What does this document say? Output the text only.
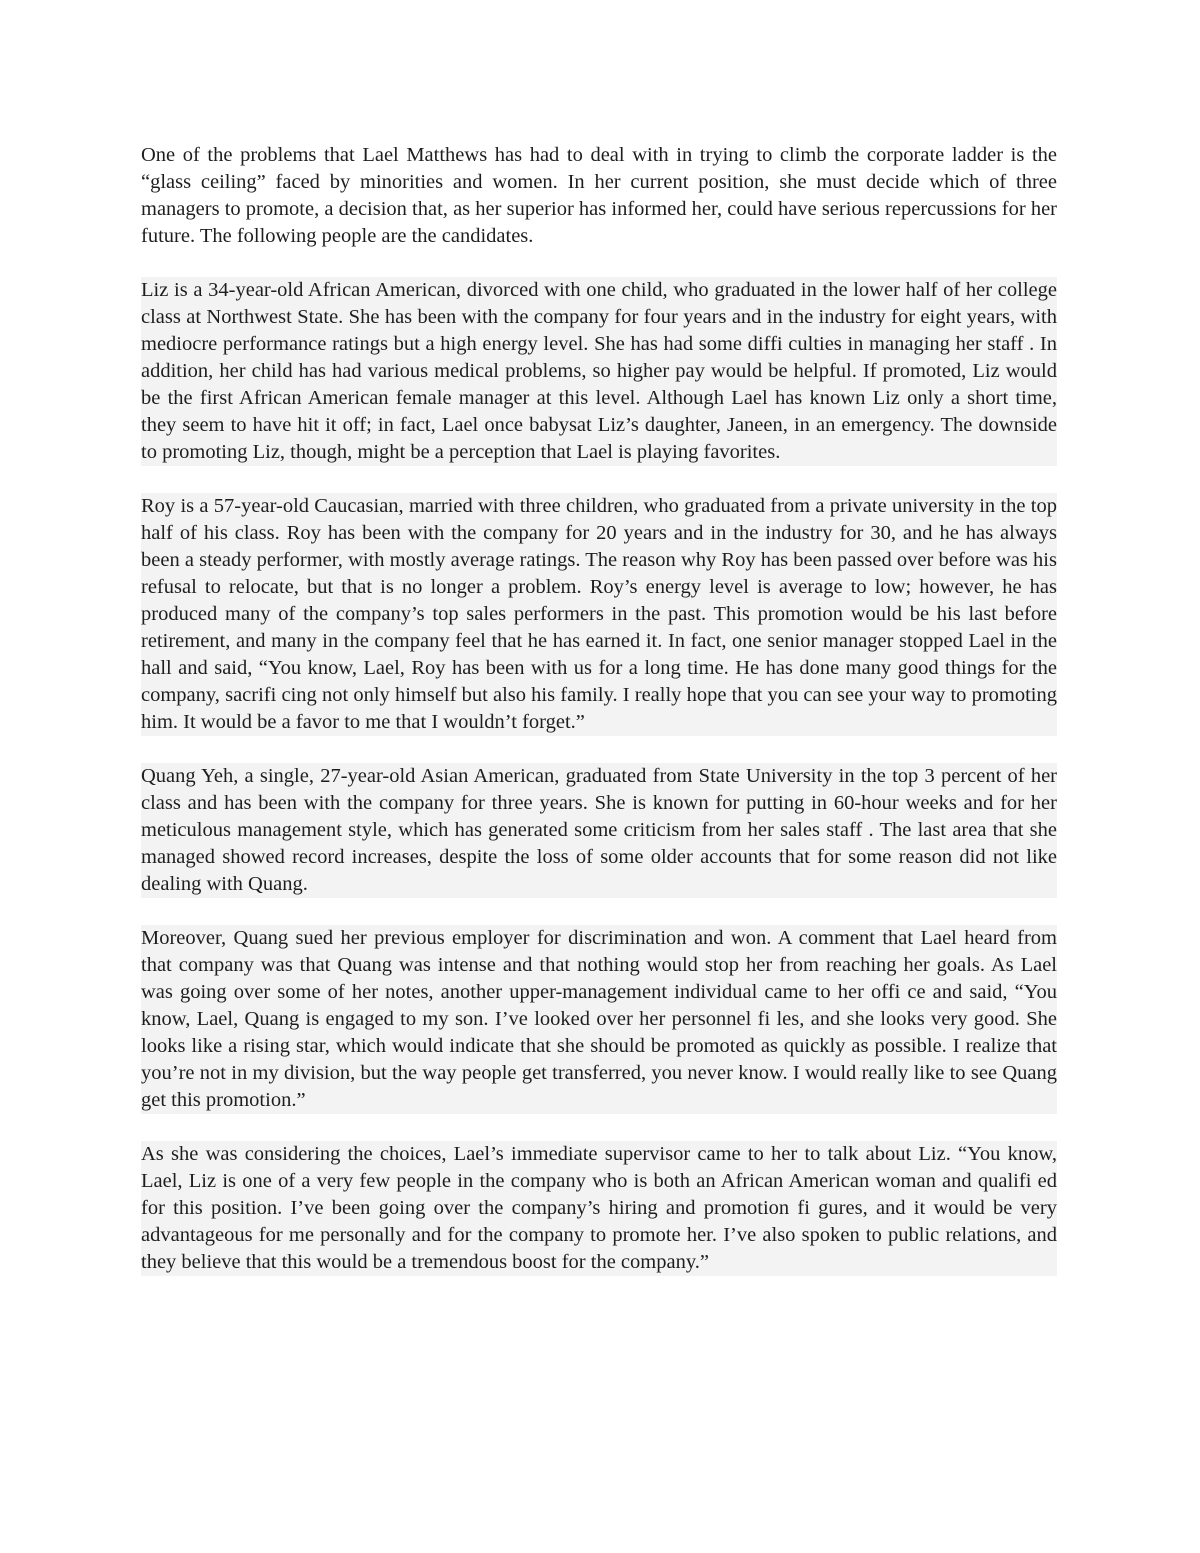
One of the problems that Lael Matthews has had to deal with in trying to climb the corporate ladder is the “glass ceiling” faced by minorities and women. In her current position, she must decide which of three managers to promote, a decision that, as her superior has informed her, could have serious repercussions for her future. The following people are the candidates.

Liz is a 34-year-old African American, divorced with one child, who graduated in the lower half of her college class at Northwest State. She has been with the company for four years and in the industry for eight years, with mediocre performance ratings but a high energy level. She has had some diffi culties in managing her staff . In addition, her child has had various medical problems, so higher pay would be helpful. If promoted, Liz would be the first African American female manager at this level. Although Lael has known Liz only a short time, they seem to have hit it off; in fact, Lael once babysat Liz’s daughter, Janeen, in an emergency. The downside to promoting Liz, though, might be a perception that Lael is playing favorites.

Roy is a 57-year-old Caucasian, married with three children, who graduated from a private university in the top half of his class. Roy has been with the company for 20 years and in the industry for 30, and he has always been a steady performer, with mostly average ratings. The reason why Roy has been passed over before was his refusal to relocate, but that is no longer a problem. Roy’s energy level is average to low; however, he has produced many of the company’s top sales performers in the past. This promotion would be his last before retirement, and many in the company feel that he has earned it. In fact, one senior manager stopped Lael in the hall and said, “You know, Lael, Roy has been with us for a long time. He has done many good things for the company, sacrifi cing not only himself but also his family. I really hope that you can see your way to promoting him. It would be a favor to me that I wouldn’t forget.”

Quang Yeh, a single, 27-year-old Asian American, graduated from State University in the top 3 percent of her class and has been with the company for three years. She is known for putting in 60-hour weeks and for her meticulous management style, which has generated some criticism from her sales staff . The last area that she managed showed record increases, despite the loss of some older accounts that for some reason did not like dealing with Quang.

Moreover, Quang sued her previous employer for discrimination and won. A comment that Lael heard from that company was that Quang was intense and that nothing would stop her from reaching her goals. As Lael was going over some of her notes, another upper-management individual came to her offi ce and said, “You know, Lael, Quang is engaged to my son. I’ve looked over her personnel fi les, and she looks very good. She looks like a rising star, which would indicate that she should be promoted as quickly as possible. I realize that you’re not in my division, but the way people get transferred, you never know. I would really like to see Quang get this promotion.”

As she was considering the choices, Lael’s immediate supervisor came to her to talk about Liz. “You know, Lael, Liz is one of a very few people in the company who is both an African American woman and qualifi ed for this position. I’ve been going over the company’s hiring and promotion fi gures, and it would be very advantageous for me personally and for the company to promote her. I’ve also spoken to public relations, and they believe that this would be a tremendous boost for the company.”
